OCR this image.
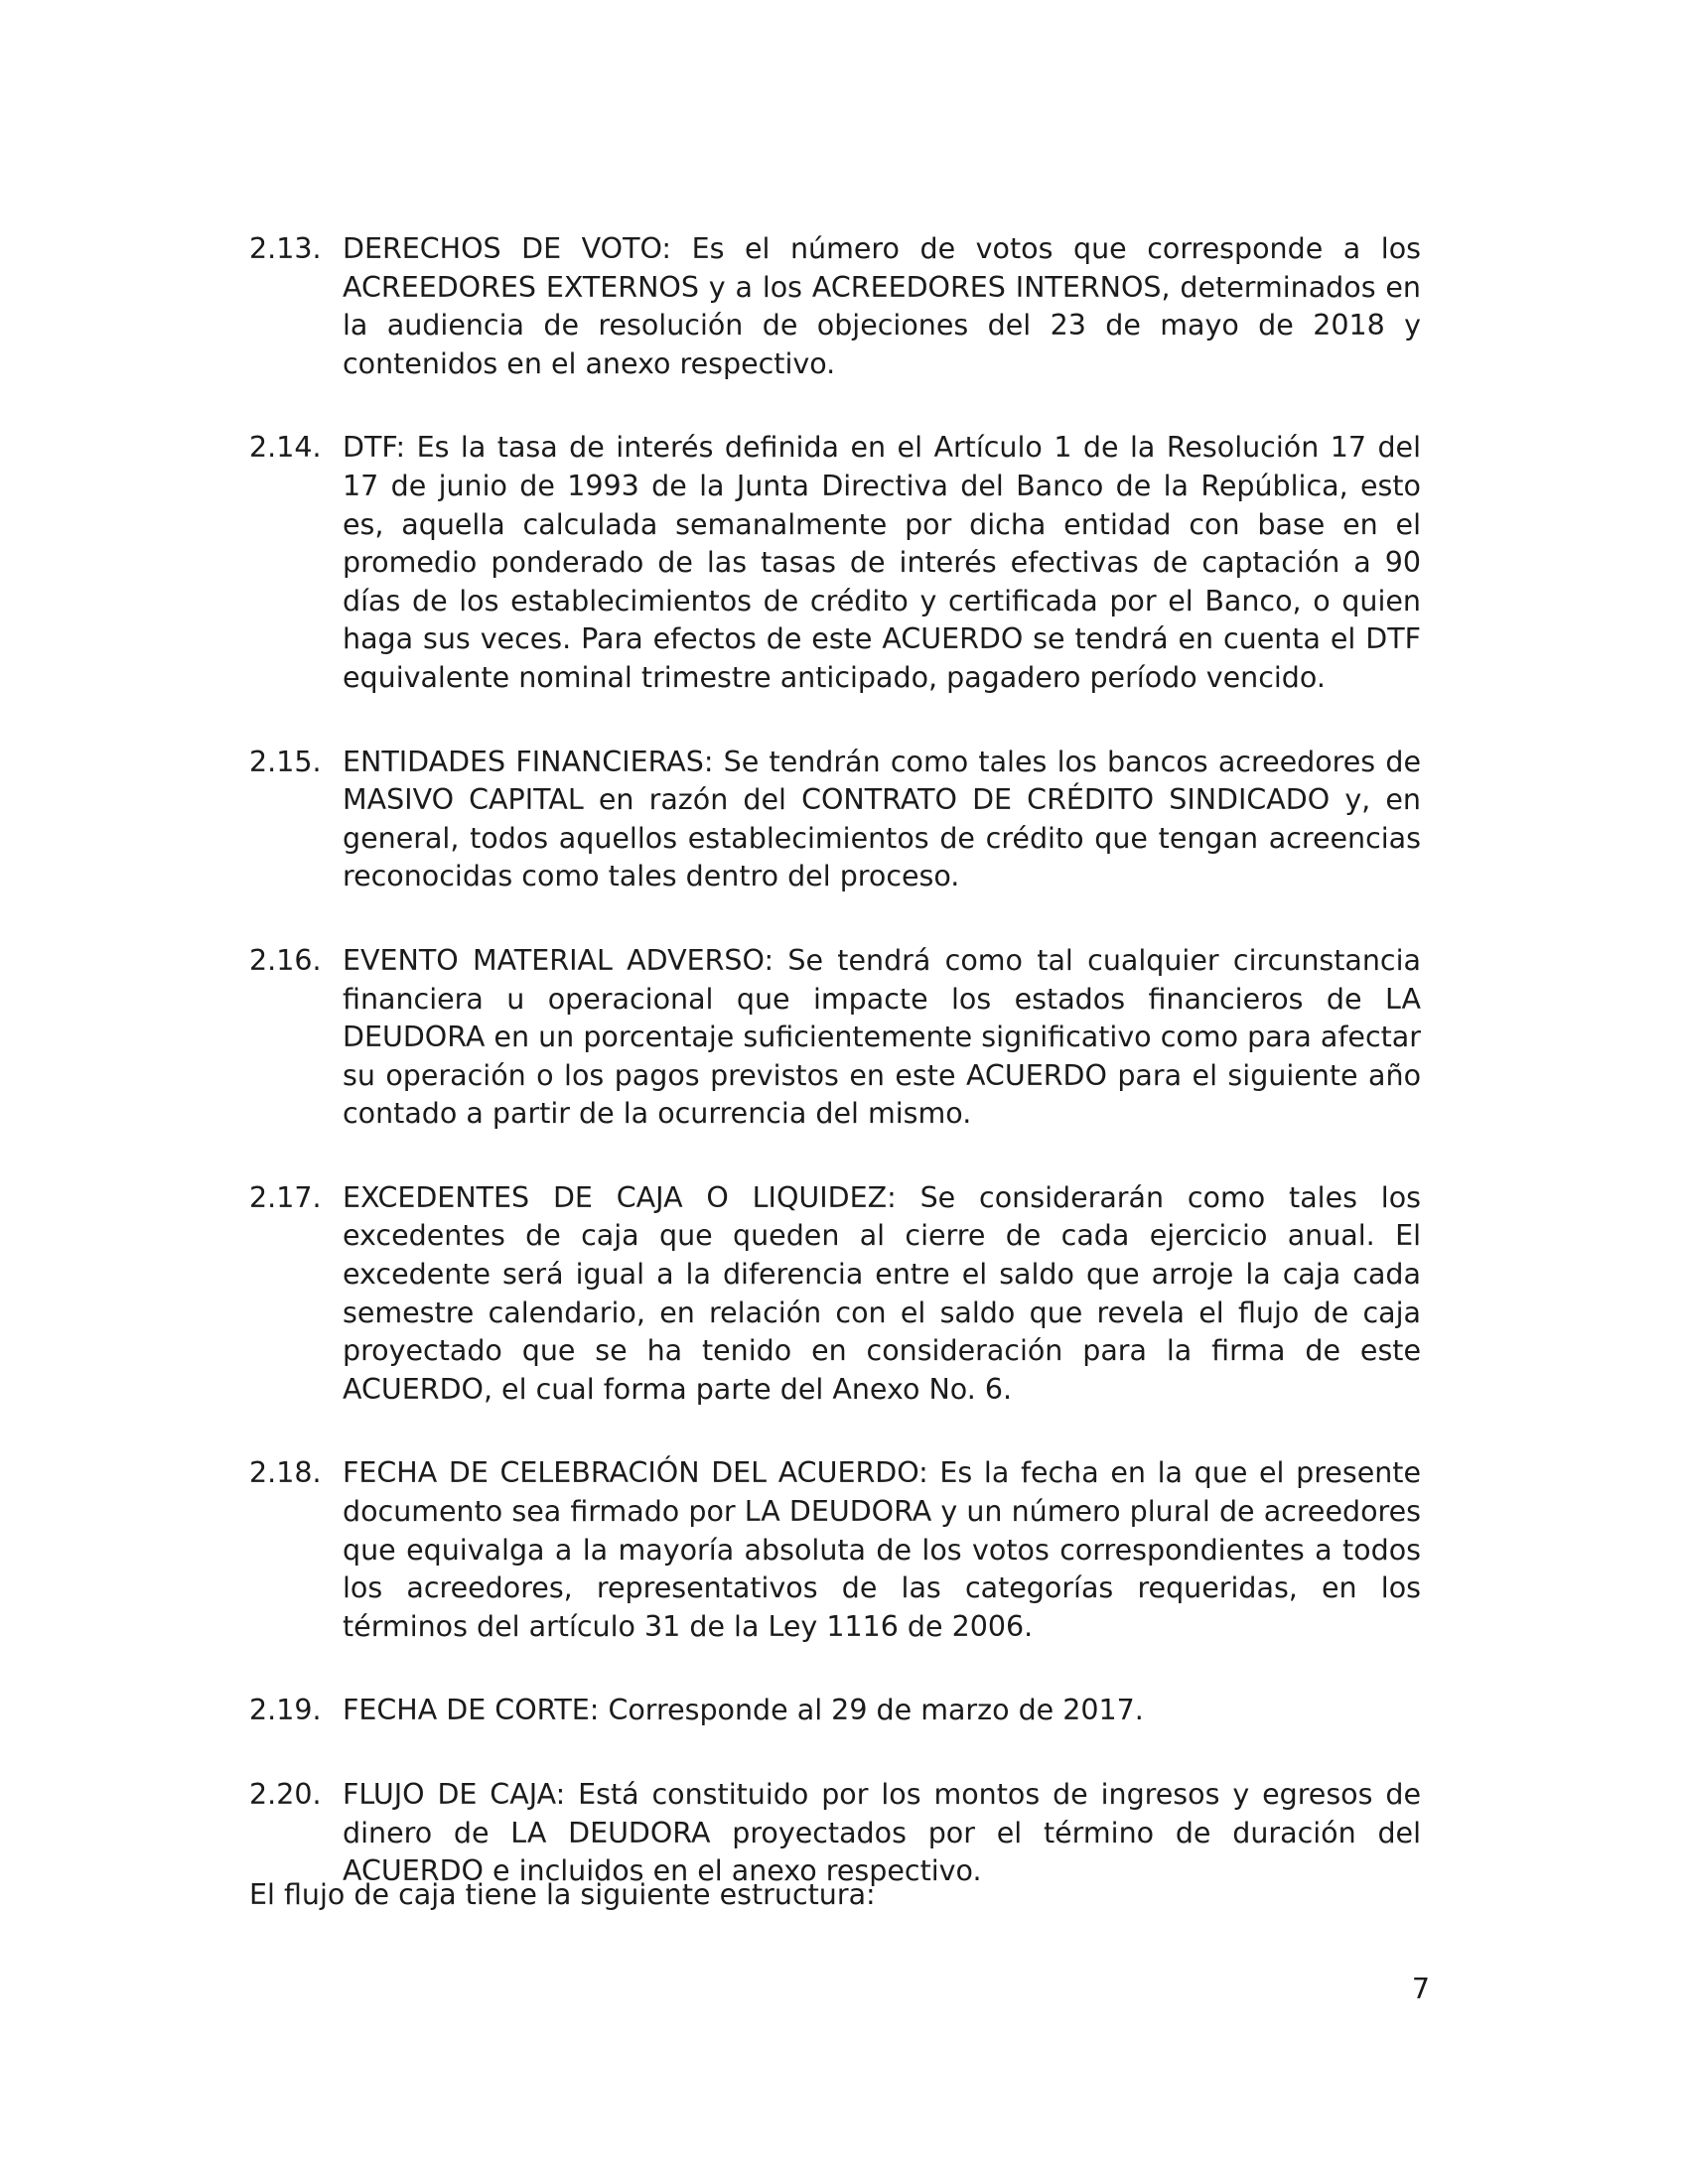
2.13. DERECHOS DE VOTO: Es el número de votos que corresponde a los ACREEDORES EXTERNOS y a los ACREEDORES INTERNOS, determinados en la audiencia de resolución de objeciones del 23 de mayo de 2018 y contenidos en el anexo respectivo.
2.14. DTF: Es la tasa de interés definida en el Artículo 1 de la Resolución 17 del 17 de junio de 1993 de la Junta Directiva del Banco de la República, esto es, aquella calculada semanalmente por dicha entidad con base en el promedio ponderado de las tasas de interés efectivas de captación a 90 días de los establecimientos de crédito y certificada por el Banco, o quien haga sus veces. Para efectos de este ACUERDO se tendrá en cuenta el DTF equivalente nominal trimestre anticipado, pagadero período vencido.
2.15. ENTIDADES FINANCIERAS: Se tendrán como tales los bancos acreedores de MASIVO CAPITAL en razón del CONTRATO DE CRÉDITO SINDICADO y, en general, todos aquellos establecimientos de crédito que tengan acreencias reconocidas como tales dentro del proceso.
2.16. EVENTO MATERIAL ADVERSO: Se tendrá como tal cualquier circunstancia financiera u operacional que impacte los estados financieros de LA DEUDORA en un porcentaje suficientemente significativo como para afectar su operación o los pagos previstos en este ACUERDO para el siguiente año contado a partir de la ocurrencia del mismo.
2.17. EXCEDENTES DE CAJA O LIQUIDEZ: Se considerarán como tales los excedentes de caja que queden al cierre de cada ejercicio anual. El excedente será igual a la diferencia entre el saldo que arroje la caja cada semestre calendario, en relación con el saldo que revela el flujo de caja proyectado que se ha tenido en consideración para la firma de este ACUERDO, el cual forma parte del Anexo No. 6.
2.18. FECHA DE CELEBRACIÓN DEL ACUERDO: Es la fecha en la que el presente documento sea firmado por LA DEUDORA y un número plural de acreedores que equivalga a la mayoría absoluta de los votos correspondientes a todos los acreedores, representativos de las categorías requeridas, en los términos del artículo 31 de la Ley 1116 de 2006.
2.19. FECHA DE CORTE: Corresponde al 29 de marzo de 2017.
2.20. FLUJO DE CAJA: Está constituido por los montos de ingresos y egresos de dinero de LA DEUDORA proyectados por el término de duración del ACUERDO e incluidos en el anexo respectivo.
El flujo de caja tiene la siguiente estructura:
7
